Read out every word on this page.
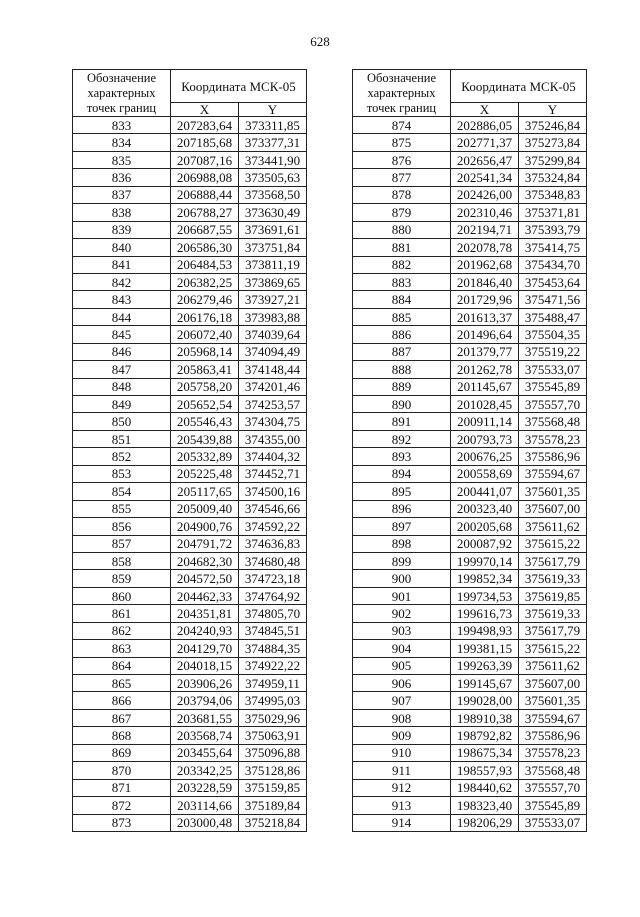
628
Обозначение характерных точек границ	Координата МСК-05	
	X	Y
833	207283,64	373311,85
834	207185,68	373377,31
835	207087,16	373441,90
836	206988,08	373505,63
837	206888,44	373568,50
838	206788,27	373630,49
839	206687,55	373691,61
840	206586,30	373751,84
841	206484,53	373811,19
842	206382,25	373869,65
843	206279,46	373927,21
844	206176,18	373983,88
845	206072,40	374039,64
846	205968,14	374094,49
847	205863,41	374148,44
848	205758,20	374201,46
849	205652,54	374253,57
850	205546,43	374304,75
851	205439,88	374355,00
852	205332,89	374404,32
853	205225,48	374452,71
854	205117,65	374500,16
855	205009,40	374546,66
856	204900,76	374592,22
857	204791,72	374636,83
858	204682,30	374680,48
859	204572,50	374723,18
860	204462,33	374764,92
861	204351,81	374805,70
862	204240,93	374845,51
863	204129,70	374884,35
864	204018,15	374922,22
865	203906,26	374959,11
866	203794,06	374995,03
867	203681,55	375029,96
868	203568,74	375063,91
869	203455,64	375096,88
870	203342,25	375128,86
871	203228,59	375159,85
872	203114,66	375189,84
873	203000,48	375218,84
Обозначение характерных точек границ	Координата МСК-05	
	X	Y
874	202886,05	375246,84
875	202771,37	375273,84
876	202656,47	375299,84
877	202541,34	375324,84
878	202426,00	375348,83
879	202310,46	375371,81
880	202194,71	375393,79
881	202078,78	375414,75
882	201962,68	375434,70
883	201846,40	375453,64
884	201729,96	375471,56
885	201613,37	375488,47
886	201496,64	375504,35
887	201379,77	375519,22
888	201262,78	375533,07
889	201145,67	375545,89
890	201028,45	375557,70
891	200911,14	375568,48
892	200793,73	375578,23
893	200676,25	375586,96
894	200558,69	375594,67
895	200441,07	375601,35
896	200323,40	375607,00
897	200205,68	375611,62
898	200087,92	375615,22
899	199970,14	375617,79
900	199852,34	375619,33
901	199734,53	375619,85
902	199616,73	375619,33
903	199498,93	375617,79
904	199381,15	375615,22
905	199263,39	375611,62
906	199145,67	375607,00
907	199028,00	375601,35
908	198910,38	375594,67
909	198792,82	375586,96
910	198675,34	375578,23
911	198557,93	375568,48
912	198440,62	375557,70
913	198323,40	375545,89
914	198206,29	375533,07
